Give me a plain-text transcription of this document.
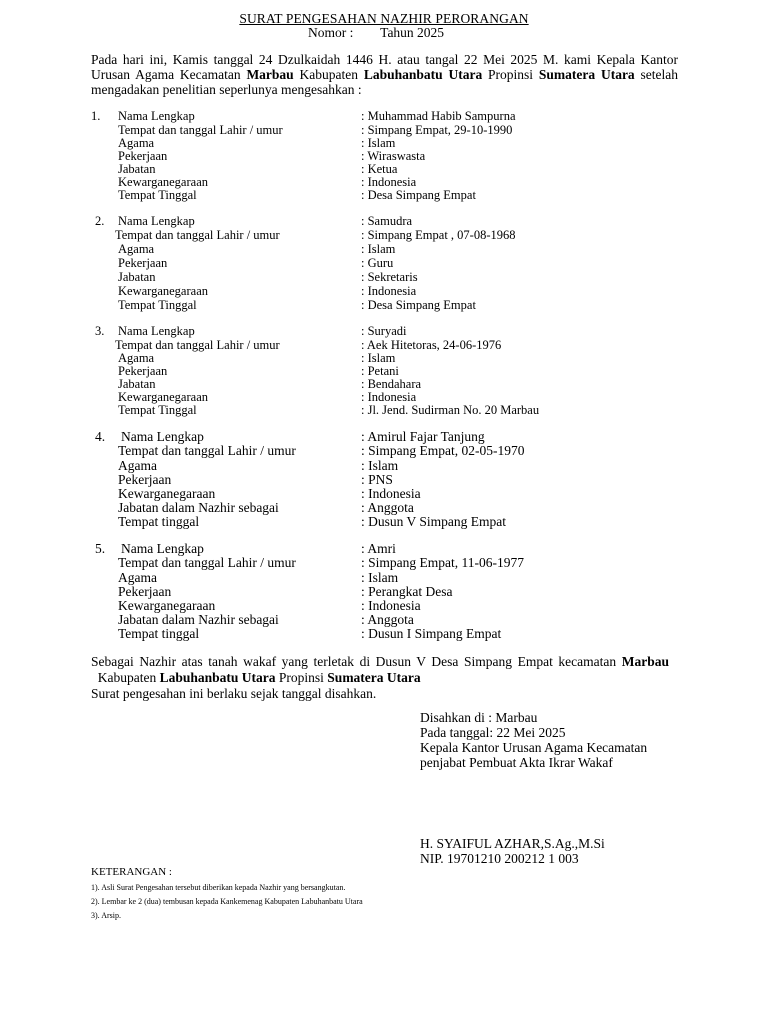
SURAT PENGESAHAN NAZHIR PERORANGAN
Nomor : Tahun 2025
Pada hari ini, Kamis tanggal 24 Dzulkaidah 1446 H. atau tangal 22 Mei 2025 M. kami Kepala Kantor Urusan Agama Kecamatan Marbau Kabupaten Labuhanbatu Utara Propinsi Sumatera Utara setelah mengadakan penelitian seperlunya mengesahkan :
1. Nama Lengkap	: Muhammad Habib Sampurna
Tempat dan tanggal Lahir / umur	: Simpang Empat, 29-10-1990
Agama	: Islam
Pekerjaan	: Wiraswasta
Jabatan	: Ketua
Kewarganegaraan	: Indonesia
Tempat Tinggal	: Desa Simpang Empat
2. Nama Lengkap	: Samudra
Tempat dan tanggal Lahir / umur	: Simpang Empat , 07-08-1968
Agama	: Islam
Pekerjaan	: Guru
Jabatan	: Sekretaris
Kewarganegaraan	: Indonesia
Tempat Tinggal	: Desa Simpang Empat
3. Nama Lengkap	: Suryadi
Tempat dan tanggal Lahir / umur	: Aek Hitetoras, 24-06-1976
Agama	: Islam
Pekerjaan	: Petani
Jabatan	: Bendahara
Kewarganegaraan	: Indonesia
Tempat Tinggal	: Jl. Jend. Sudirman No. 20 Marbau
4. Nama Lengkap	: Amirul Fajar Tanjung
Tempat dan tanggal Lahir / umur	: Simpang Empat, 02-05-1970
Agama	: Islam
Pekerjaan	: PNS
Kewarganegaraan	: Indonesia
Jabatan dalam Nazhir sebagai	: Anggota
Tempat tinggal	: Dusun V Simpang Empat
5. Nama Lengkap	: Amri
Tempat dan tanggal Lahir / umur	: Simpang Empat, 11-06-1977
Agama	: Islam
Pekerjaan	: Perangkat Desa
Kewarganegaraan	: Indonesia
Jabatan dalam Nazhir sebagai	: Anggota
Tempat tinggal	: Dusun I Simpang Empat
Sebagai Nazhir atas tanah wakaf yang terletak di Dusun V Desa Simpang Empat kecamatan Marbau  Kabupaten Labuhanbatu Utara Propinsi Sumatera Utara
Surat pengesahan ini berlaku sejak tanggal disahkan.
Disahkan di : Marbau
Pada tanggal: 22 Mei 2025
Kepala Kantor Urusan Agama Kecamatan
penjabat Pembuat Akta Ikrar Wakaf
H. SYAIFUL AZHAR,S.Ag.,M.Si
NIP. 19701210 200212 1 003
KETERANGAN :
1). Asli Surat Pengesahan tersebut diberikan kepada Nazhir yang bersangkutan.
2). Lembar ke 2 (dua) tembusan kepada Kankemenag Kabupaten Labuhanbatu Utara
3). Arsip.
